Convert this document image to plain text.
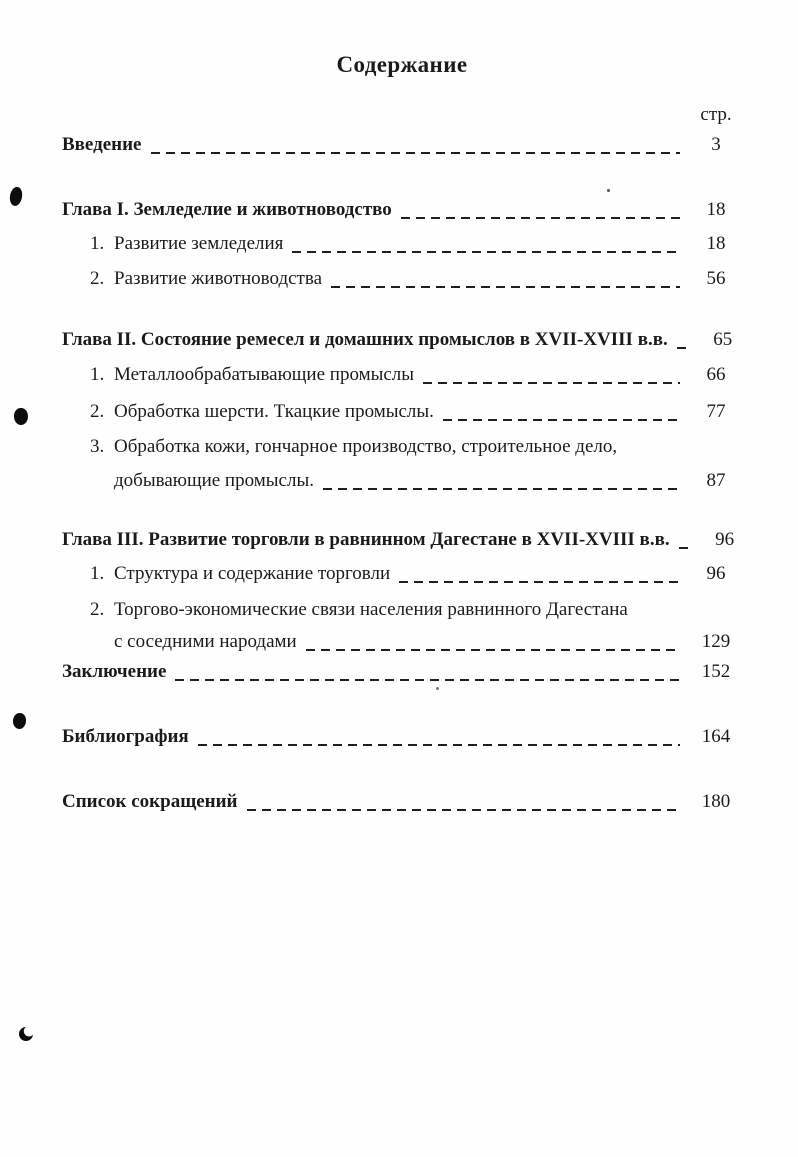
Содержание
стр.
Введение	3
Глава I. Земледелие и животноводство	18
1. Развитие земледелия	18
2. Развитие животноводства	56
Глава II. Состояние ремесел и домашних промыслов в XVII-XVIII в.в.	65
1. Металлообрабатывающие промыслы	66
2. Обработка шерсти. Ткацкие промыслы.	77
3. Обработка кожи, гончарное производство, строительное дело,
добывающие промыслы.	87
Глава III. Развитие торговли в равнинном Дагестане в XVII-XVIII в.в.	96
1. Структура и содержание торговли	96
2. Торгово-экономические связи населения равнинного Дагестана
с соседними народами	129
Заключение	152
Библиография	164
Список сокращений	180
